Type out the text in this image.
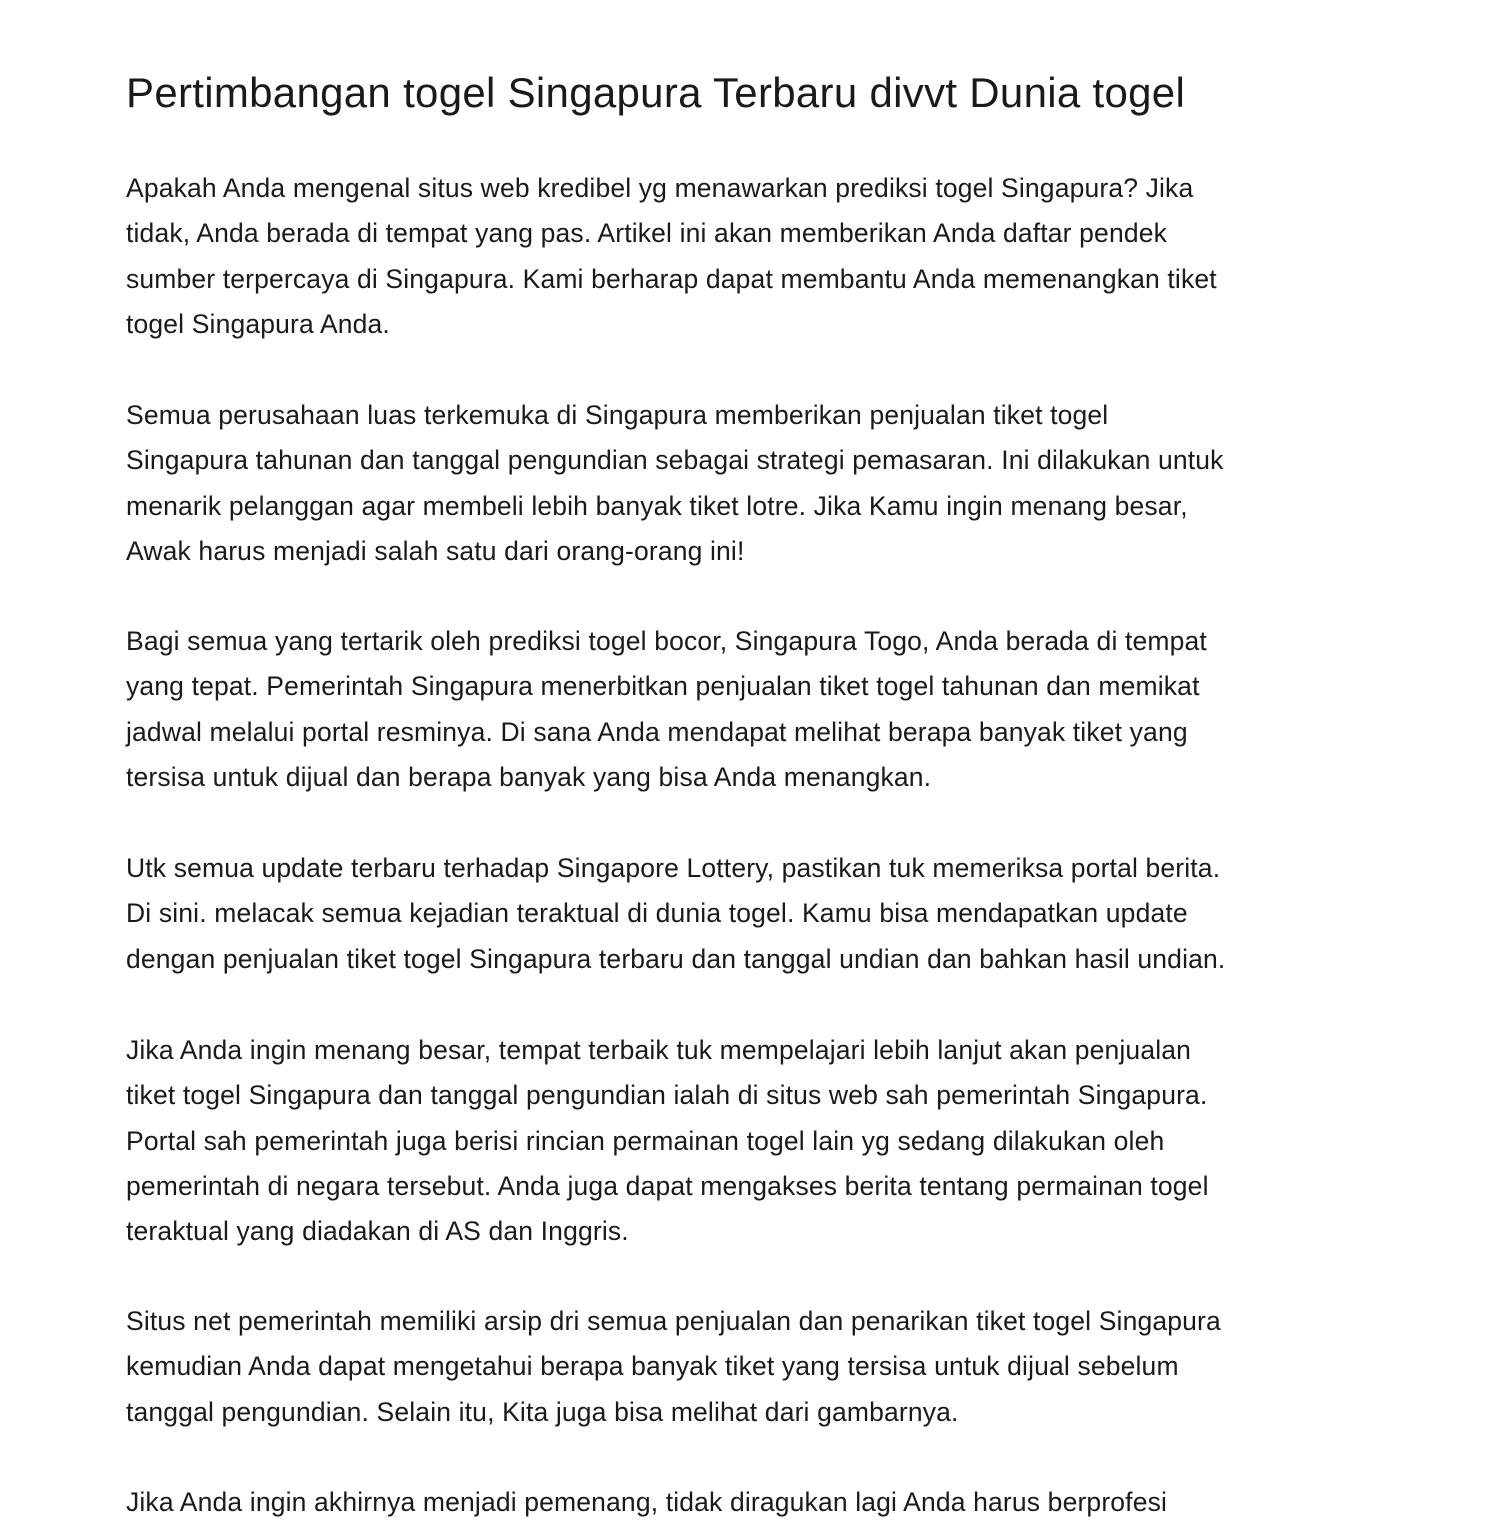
Pertimbangan togel Singapura Terbaru divvt Dunia togel

Apakah Anda mengenal situs web kredibel yg menawarkan prediksi togel Singapura? Jika
tidak, Anda berada di tempat yang pas. Artikel ini akan memberikan Anda daftar pendek
sumber terpercaya di Singapura. Kami berharap dapat membantu Anda memenangkan tiket
togel Singapura Anda.

Semua perusahaan luas terkemuka di Singapura memberikan penjualan tiket togel
Singapura tahunan dan tanggal pengundian sebagai strategi pemasaran. Ini dilakukan untuk
menarik pelanggan agar membeli lebih banyak tiket lotre. Jika Kamu ingin menang besar,
Awak harus menjadi salah satu dari orang-orang ini!

Bagi semua yang tertarik oleh prediksi togel bocor, Singapura Togo, Anda berada di tempat
yang tepat. Pemerintah Singapura menerbitkan penjualan tiket togel tahunan dan memikat
jadwal melalui portal resminya. Di sana Anda mendapat melihat berapa banyak tiket yang
tersisa untuk dijual dan berapa banyak yang bisa Anda menangkan.

Utk semua update terbaru terhadap Singapore Lottery, pastikan tuk memeriksa portal berita.
Di sini. melacak semua kejadian teraktual di dunia togel. Kamu bisa mendapatkan update
dengan penjualan tiket togel Singapura terbaru dan tanggal undian dan bahkan hasil undian.

Jika Anda ingin menang besar, tempat terbaik tuk mempelajari lebih lanjut akan penjualan
tiket togel Singapura dan tanggal pengundian ialah di situs web sah pemerintah Singapura.
Portal sah pemerintah juga berisi rincian permainan togel lain yg sedang dilakukan oleh
pemerintah di negara tersebut. Anda juga dapat mengakses berita tentang permainan togel
teraktual yang diadakan di AS dan Inggris.

Situs net pemerintah memiliki arsip dri semua penjualan dan penarikan tiket togel Singapura
kemudian Anda dapat mengetahui berapa banyak tiket yang tersisa untuk dijual sebelum
tanggal pengundian. Selain itu, Kita juga bisa melihat dari gambarnya.

Jika Anda ingin akhirnya menjadi pemenang, tidak diragukan lagi Anda harus berprofesi
